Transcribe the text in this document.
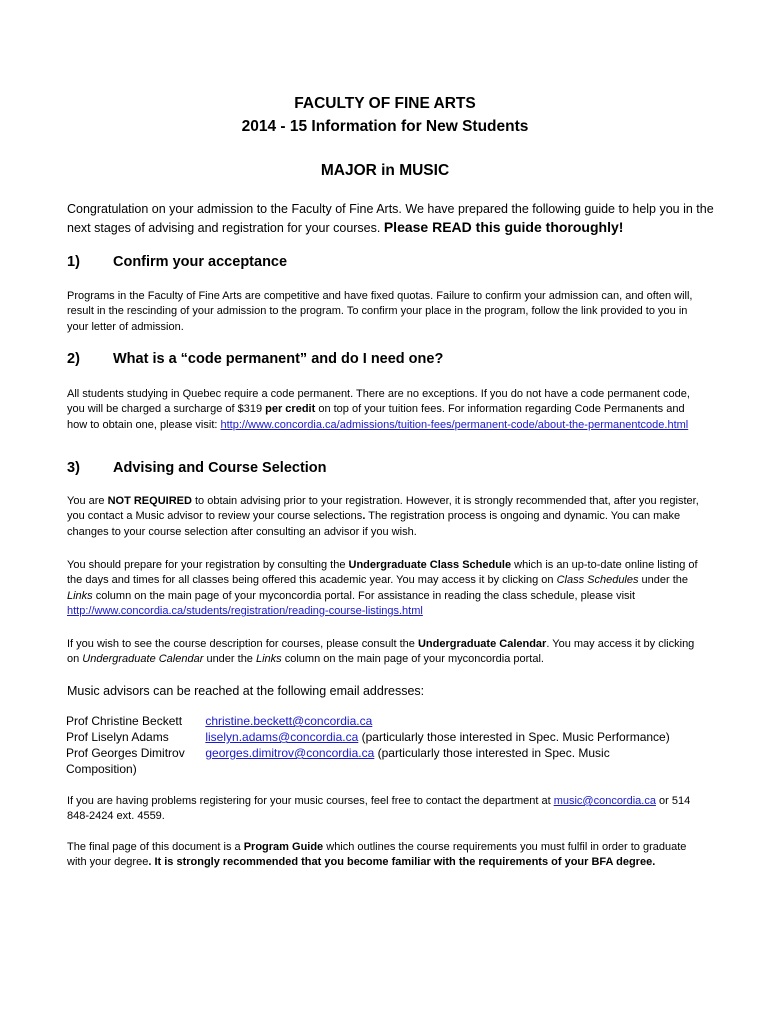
FACULTY OF FINE ARTS
2014 - 15 Information for New Students
MAJOR in MUSIC
Congratulation on your admission to the Faculty of Fine Arts. We have prepared the following guide to help you in the next stages of advising and registration for your courses. Please READ this guide thoroughly!
1) Confirm your acceptance
Programs in the Faculty of Fine Arts are competitive and have fixed quotas. Failure to confirm your admission can, and often will, result in the rescinding of your admission to the program. To confirm your place in the program, follow the link provided to you in your letter of admission.
2) What is a “code permanent” and do I need one?
All students studying in Quebec require a code permanent. There are no exceptions. If you do not have a code permanent code, you will be charged a surcharge of $319 per credit on top of your tuition fees. For information regarding Code Permanents and how to obtain one, please visit: http://www.concordia.ca/admissions/tuition-fees/permanent-code/about-the-permanentcode.html
3) Advising and Course Selection
You are NOT REQUIRED to obtain advising prior to your registration. However, it is strongly recommended that, after you register, you contact a Music advisor to review your course selections. The registration process is ongoing and dynamic. You can make changes to your course selection after consulting an advisor if you wish.
You should prepare for your registration by consulting the Undergraduate Class Schedule which is an up-to-date online listing of the days and times for all classes being offered this academic year. You may access it by clicking on Class Schedules under the Links column on the main page of your myconcordia portal. For assistance in reading the class schedule, please visit http://www.concordia.ca/students/registration/reading-course-listings.html
If you wish to see the course description for courses, please consult the Undergraduate Calendar. You may access it by clicking on Undergraduate Calendar under the Links column on the main page of your myconcordia portal.
Music advisors can be reached at the following email addresses:
Prof Christine Beckett	christine.beckett@concordia.ca
Prof Liselyn Adams	liselyn.adams@concordia.ca (particularly those interested in Spec. Music Performance)
Prof Georges Dimitrov	georges.dimitrov@concordia.ca (particularly those interested in Spec. Music
Composition)	
If you are having problems registering for your music courses, feel free to contact the department at music@concordia.ca or 514 848-2424 ext. 4559.
The final page of this document is a Program Guide which outlines the course requirements you must fulfil in order to graduate with your degree. It is strongly recommended that you become familiar with the requirements of your BFA degree.
